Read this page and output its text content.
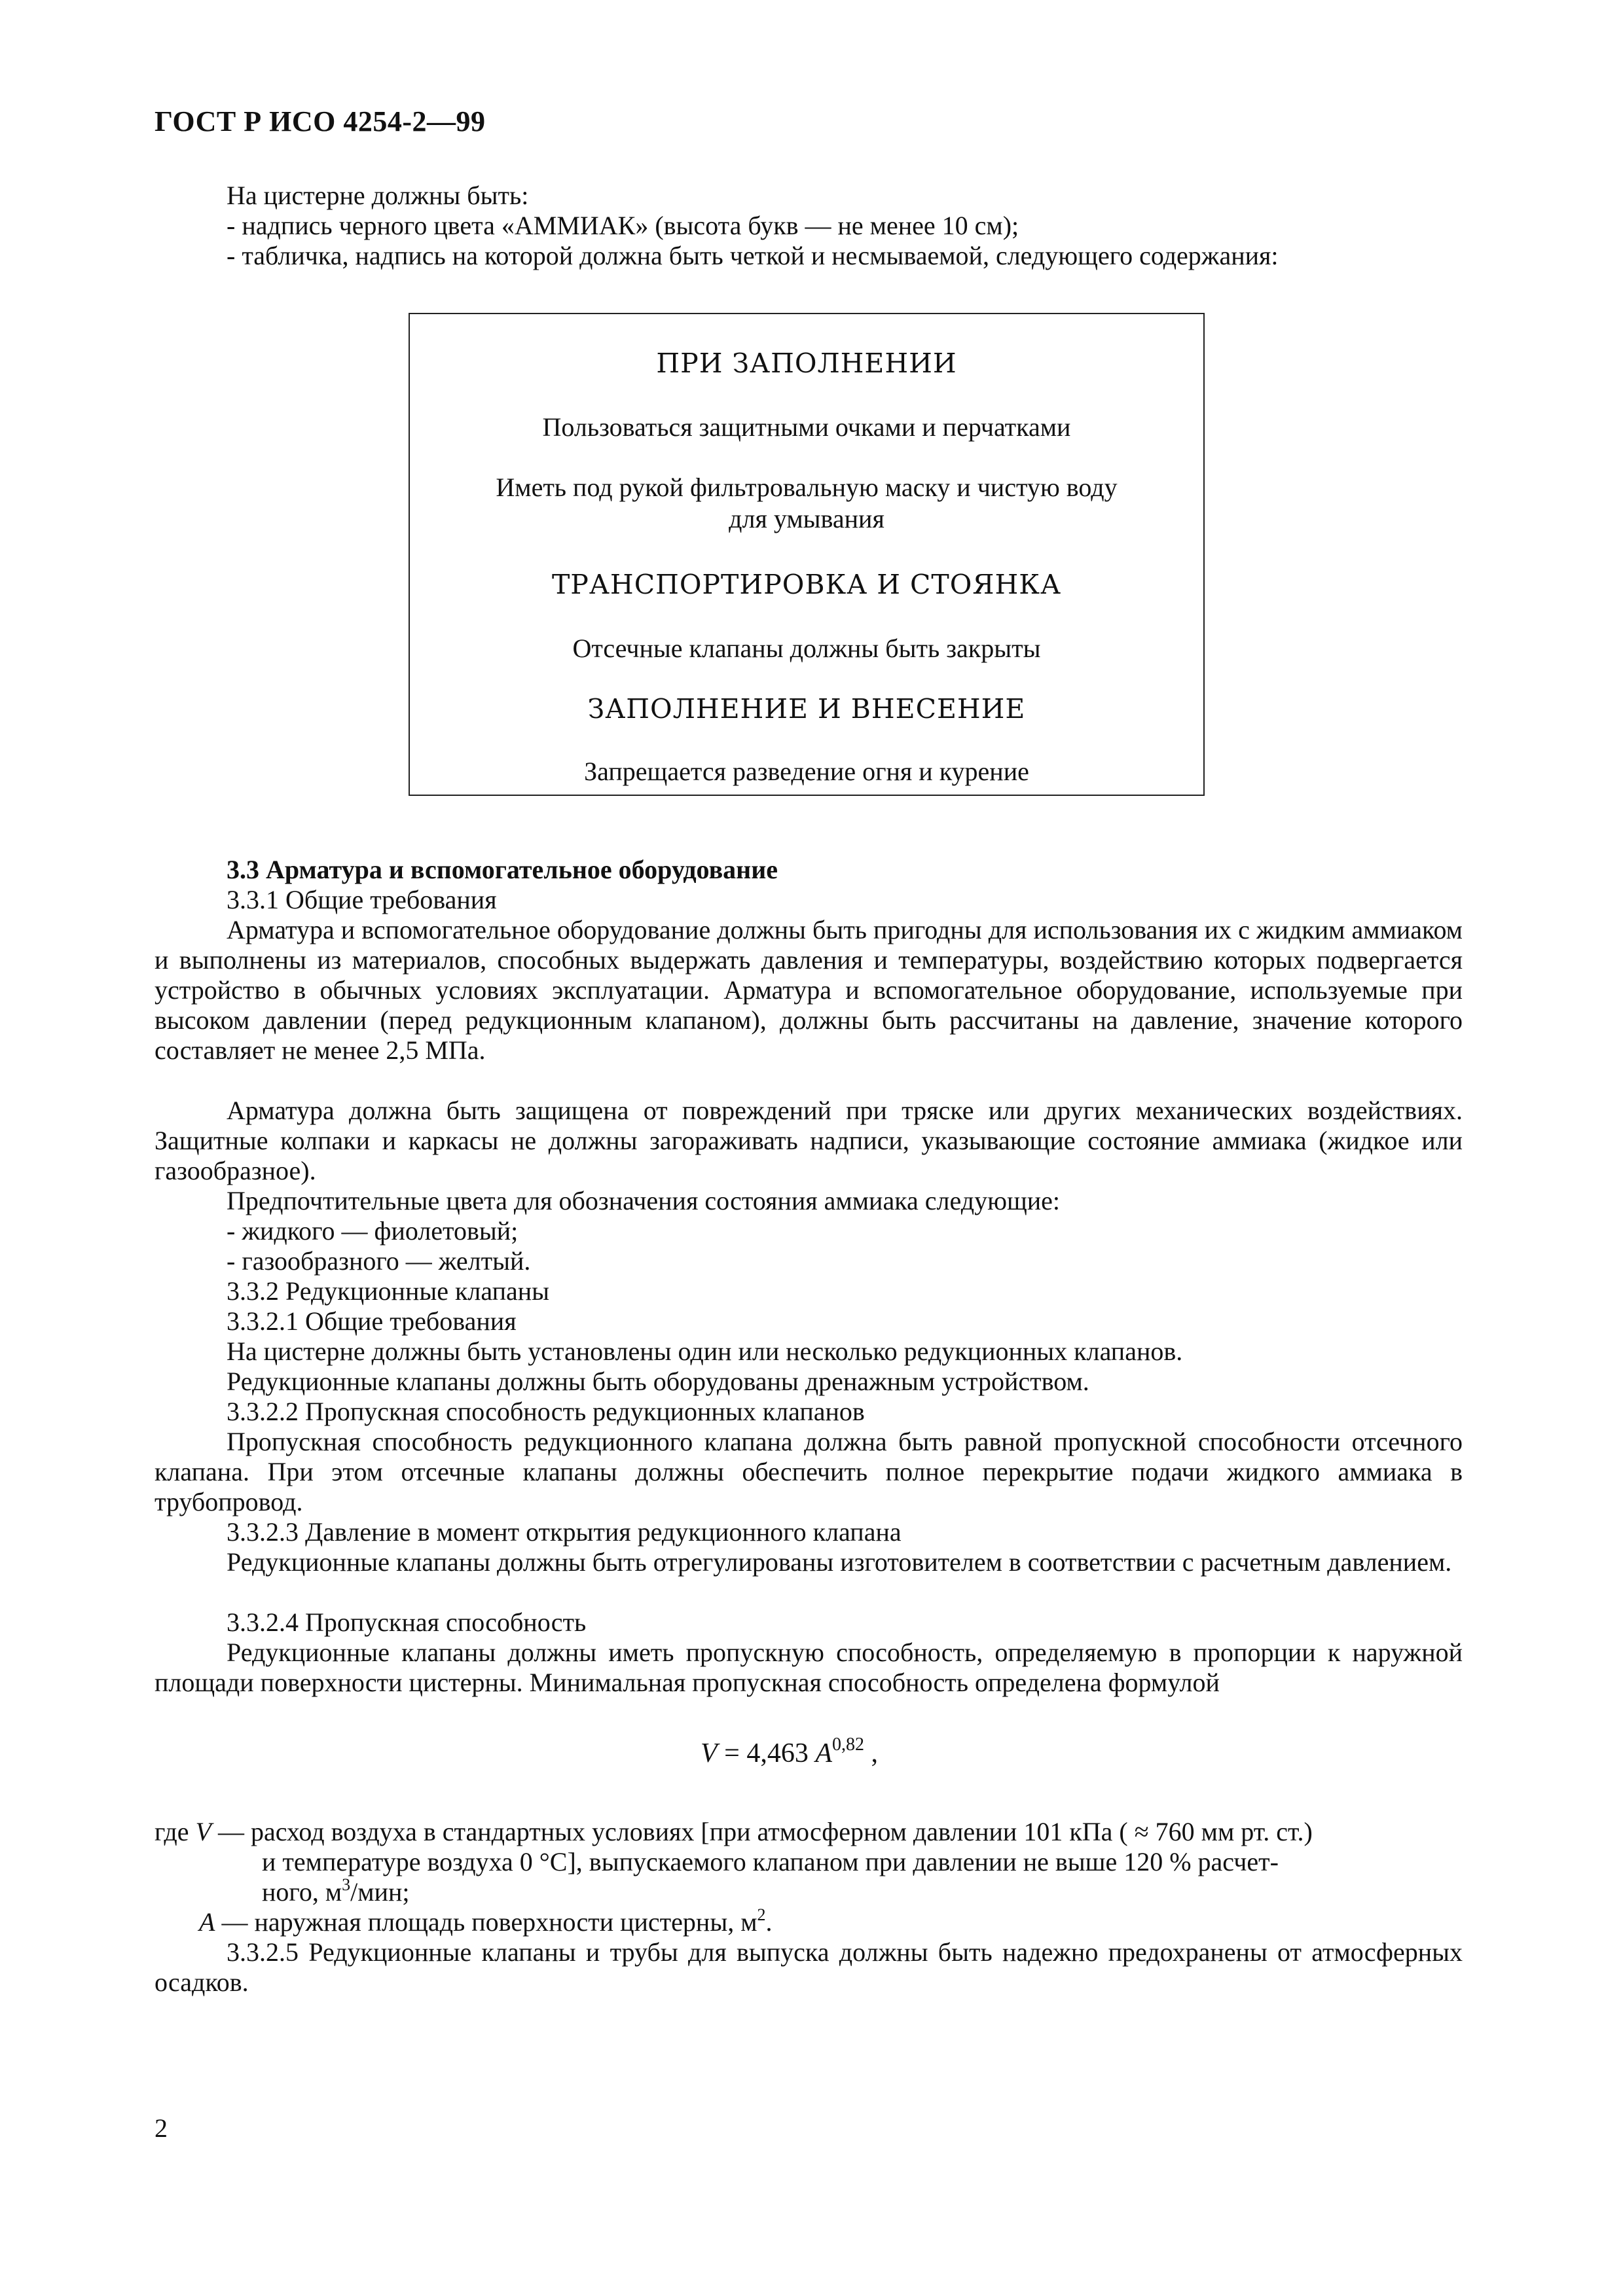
ГОСТ Р ИСО 4254-2—99
На цистерне должны быть:
- надпись черного цвета «АММИАК» (высота букв — не менее 10 см);
- табличка, надпись на которой должна быть четкой и несмываемой, следующего содержания:
ПРИ ЗАПОЛНЕНИИ
Пользоваться защитными очками и перчатками
Иметь под рукой фильтровальную маску и чистую воду
для умывания
ТРАНСПОРТИРОВКА И СТОЯНКА
Отсечные клапаны должны быть закрыты
ЗАПОЛНЕНИЕ И ВНЕСЕНИЕ
Запрещается разведение огня и курение
3.3 Арматура и вспомогательное оборудование
3.3.1 Общие требования
Арматура и вспомогательное оборудование должны быть пригодны для использования их с жидким аммиаком и выполнены из материалов, способных выдержать давления и температуры, воздействию которых подвергается устройство в обычных условиях эксплуатации. Арматура и вспомогательное оборудование, используемые при высоком давлении (перед редукционным клапаном), должны быть рассчитаны на давление, значение которого составляет не менее 2,5 МПа.
Арматура должна быть защищена от повреждений при тряске или других механических воздействиях. Защитные колпаки и каркасы не должны загораживать надписи, указывающие состояние аммиака (жидкое или газообразное).
Предпочтительные цвета для обозначения состояния аммиака следующие:
- жидкого — фиолетовый;
- газообразного — желтый.
3.3.2 Редукционные клапаны
3.3.2.1 Общие требования
На цистерне должны быть установлены один или несколько редукционных клапанов.
Редукционные клапаны должны быть оборудованы дренажным устройством.
3.3.2.2 Пропускная способность редукционных клапанов
Пропускная способность редукционного клапана должна быть равной пропускной способности отсечного клапана. При этом отсечные клапаны должны обеспечить полное перекрытие подачи жидкого аммиака в трубопровод.
3.3.2.3 Давление в момент открытия редукционного клапана
Редукционные клапаны должны быть отрегулированы изготовителем в соответствии с расчетным давлением.
3.3.2.4 Пропускная способность
Редукционные клапаны должны иметь пропускную способность, определяемую в пропорции к наружной площади поверхности цистерны. Минимальная пропускная способность определена формулой
V = 4,463 A$^{0,82}$ ,
где V — расход воздуха в стандартных условиях [при атмосферном давлении 101 кПа ( ≈ 760 мм рт. ст.)
и температуре воздуха 0 °С], выпускаемого клапаном при давлении не выше 120 % расчет-
ного, $м^3$/мин;
A — наружная площадь поверхности цистерны, $м^2$.
3.3.2.5 Редукционные клапаны и трубы для выпуска должны быть надежно предохранены от атмосферных осадков.
2
